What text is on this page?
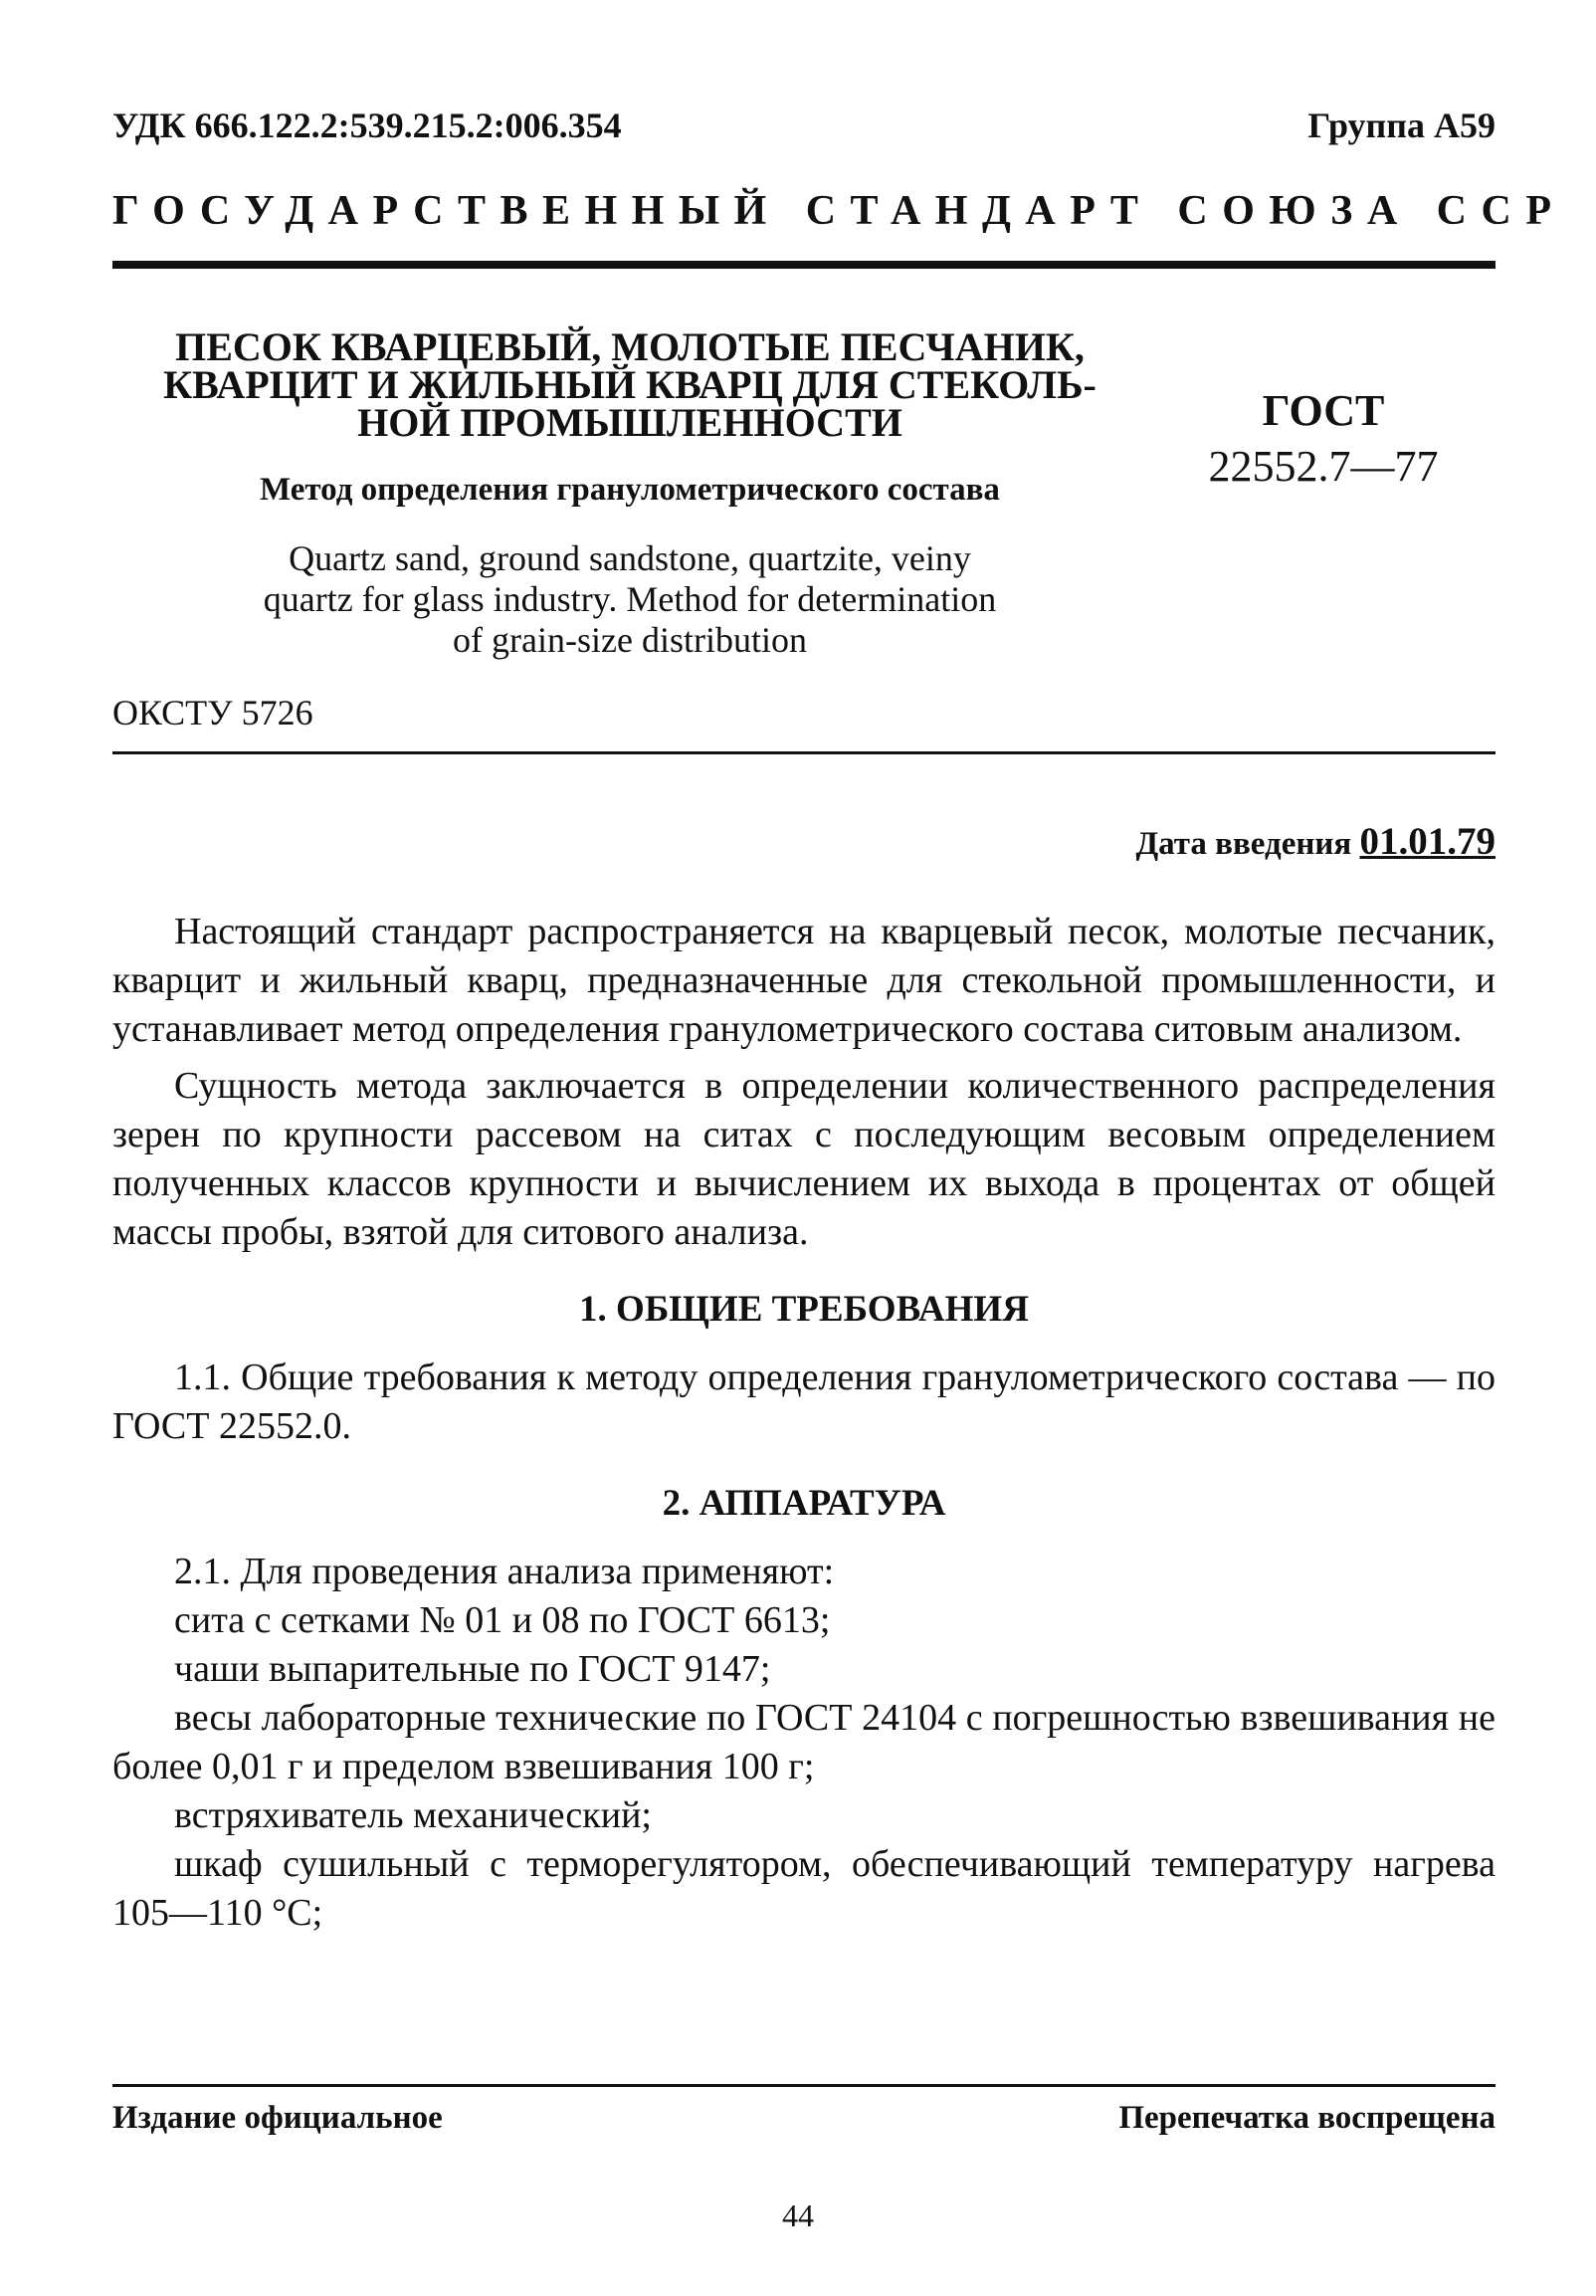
УДК 666.122.2:539.215.2:006.354	Группа А59
ГОСУДАРСТВЕННЫЙ СТАНДАРТ СОЮЗА ССР
ПЕСОК КВАРЦЕВЫЙ, МОЛОТЫЕ ПЕСЧАНИК,
КВАРЦИТ И ЖИЛЬНЫЙ КВАРЦ ДЛЯ СТЕКОЛЬ-
НОЙ ПРОМЫШЛЕННОСТИ
Метод определения гранулометрического состава
Quartz sand, ground sandstone, quartzite, veiny
quartz for glass industry. Method for determination
of grain-size distribution
ГОСТ
22552.7—77
ОКСТУ 5726
Дата введения 01.01.79

Настоящий стандарт распространяется на кварцевый песок, молотые песчаник, кварцит и жильный кварц, предназначенные для стекольной промышленности, и устанавливает метод определения гранулометрического состава ситовым анализом.

Сущность метода заключается в определении количественного распределения зерен по крупности рассевом на ситах с последующим весовым определением полученных классов крупности и вычислением их выхода в процентах от общей массы пробы, взятой для ситового анализа.

1. ОБЩИЕ ТРЕБОВАНИЯ

1.1. Общие требования к методу определения гранулометрического состава — по ГОСТ 22552.0.

2. АППАРАТУРА

2.1. Для проведения анализа применяют:

сита с сетками № 01 и 08 по ГОСТ 6613;

чаши выпарительные по ГОСТ 9147;

весы лабораторные технические по ГОСТ 24104 с погрешностью взвешивания не более 0,01 г и пределом взвешивания 100 г;

встряхиватель механический;

шкаф сушильный с терморегулятором, обеспечивающий температуру нагрева 105—110 °С;

Издание официальное	Перепечатка воспрещена
44
